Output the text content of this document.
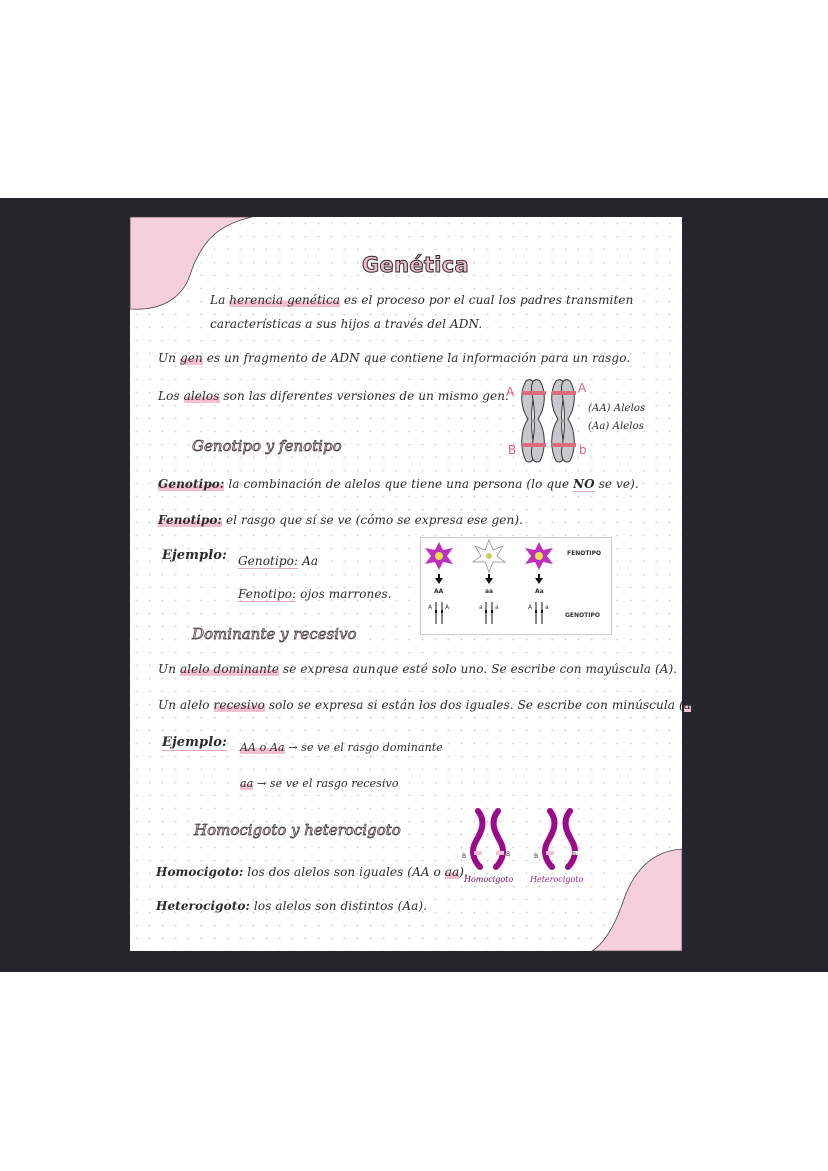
Genética
La herencia genética es el proceso por el cual los padres transmiten
características a sus hijos a través del ADN.
Un gen es un fragmento de ADN que contiene la información para un rasgo.
Los alelos son las diferentes versiones de un mismo gen.
A	A
B	b
(AA) Alelos
(Aa) Alelos
Genotipo y fenotipo
Genotipo: la combinación de alelos que tiene una persona (lo que NO se ve).
Fenotipo: el rasgo que sí se ve (cómo se expresa ese gen).
Ejemplo: Genotipo: Aa
Fenotipo: ojos marrones.
FENOTIPO
GENOTIPO
AA	aa	Aa
A A	a a	A a
Dominante y recesivo
Un alelo dominante se expresa aunque esté solo uno. Se escribe con mayúscula (A).
Un alelo recesivo solo se expresa si están los dos iguales. Se escribe con minúscula (a).
Ejemplo: AA o Aa → se ve el rasgo dominante
aa → se ve el rasgo recesivo
Homocigoto y heterocigoto
Homocigoto: los dos alelos son iguales (AA o aa).
Heterocigoto: los alelos son distintos (Aa).
B	B	B	b
Homocigoto Heterocigoto
